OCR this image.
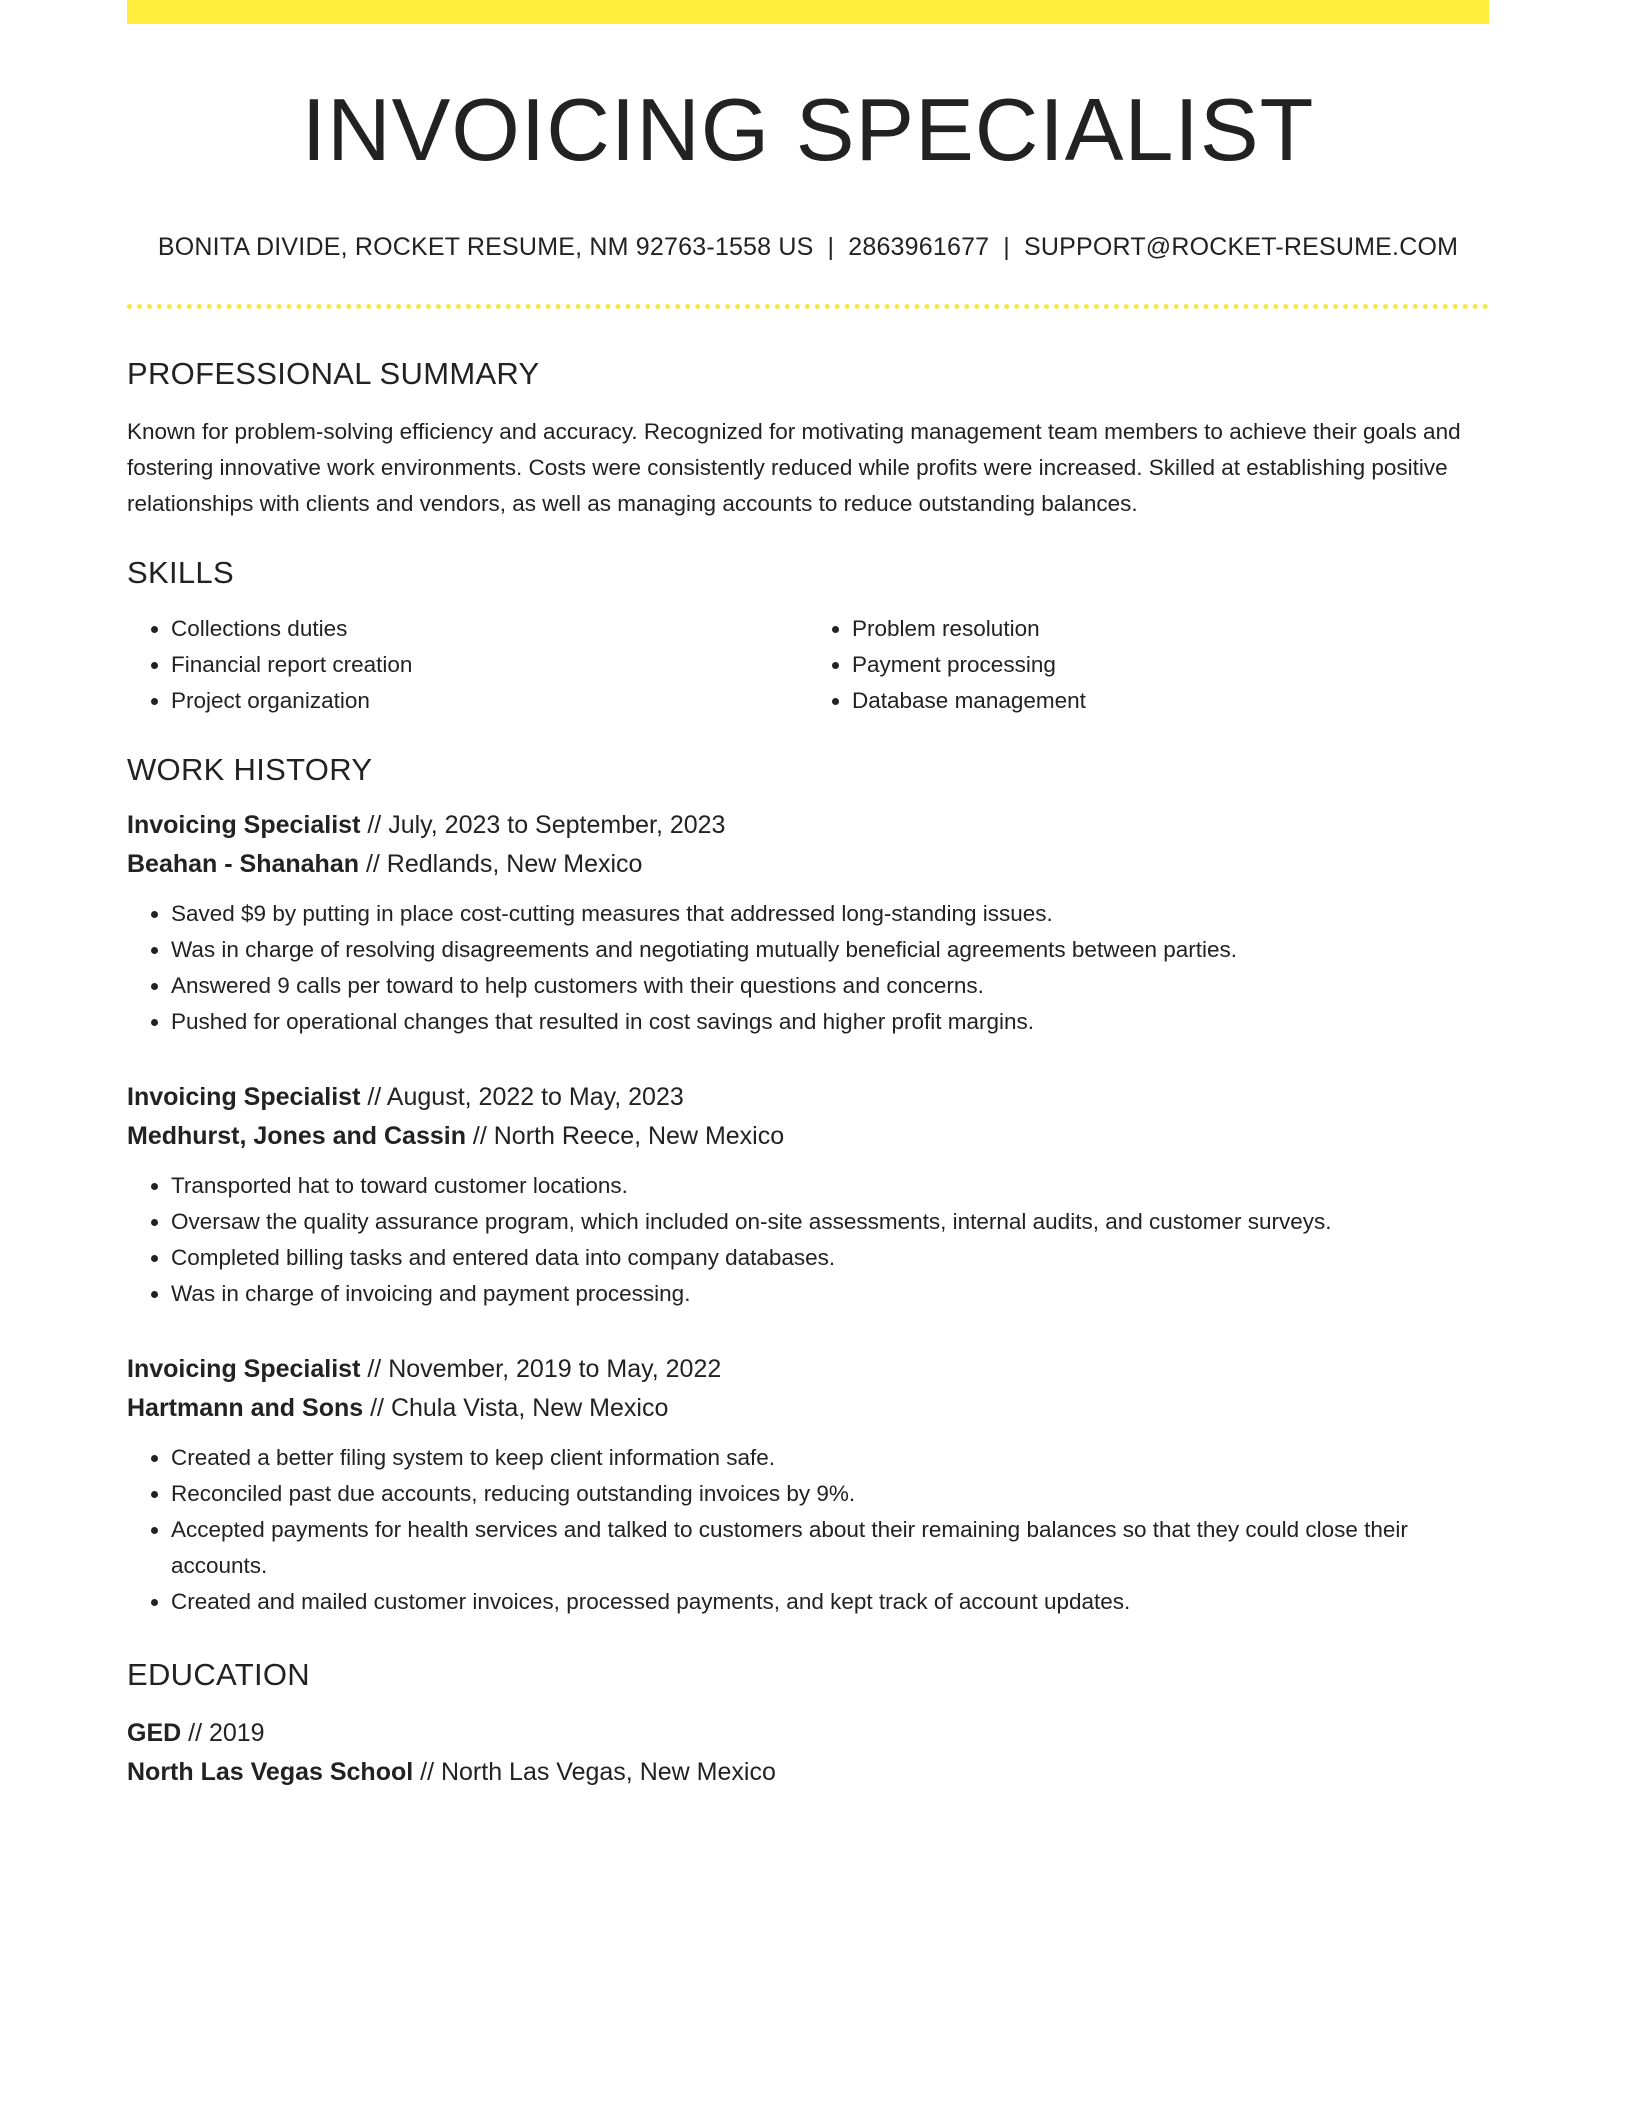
INVOICING SPECIALIST
BONITA DIVIDE, ROCKET RESUME, NM 92763-1558 US | 2863961677 | SUPPORT@ROCKET-RESUME.COM
PROFESSIONAL SUMMARY
Known for problem-solving efficiency and accuracy. Recognized for motivating management team members to achieve their goals and fostering innovative work environments. Costs were consistently reduced while profits were increased. Skilled at establishing positive relationships with clients and vendors, as well as managing accounts to reduce outstanding balances.
SKILLS
• Collections duties
• Financial report creation
• Project organization
• Problem resolution
• Payment processing
• Database management
WORK HISTORY
Invoicing Specialist // July, 2023 to September, 2023
Beahan - Shanahan // Redlands, New Mexico
• Saved $9 by putting in place cost-cutting measures that addressed long-standing issues.
• Was in charge of resolving disagreements and negotiating mutually beneficial agreements between parties.
• Answered 9 calls per toward to help customers with their questions and concerns.
• Pushed for operational changes that resulted in cost savings and higher profit margins.
Invoicing Specialist // August, 2022 to May, 2023
Medhurst, Jones and Cassin // North Reece, New Mexico
• Transported hat to toward customer locations.
• Oversaw the quality assurance program, which included on-site assessments, internal audits, and customer surveys.
• Completed billing tasks and entered data into company databases.
• Was in charge of invoicing and payment processing.
Invoicing Specialist // November, 2019 to May, 2022
Hartmann and Sons // Chula Vista, New Mexico
• Created a better filing system to keep client information safe.
• Reconciled past due accounts, reducing outstanding invoices by 9%.
• Accepted payments for health services and talked to customers about their remaining balances so that they could close their accounts.
• Created and mailed customer invoices, processed payments, and kept track of account updates.
EDUCATION
GED // 2019
North Las Vegas School // North Las Vegas, New Mexico
